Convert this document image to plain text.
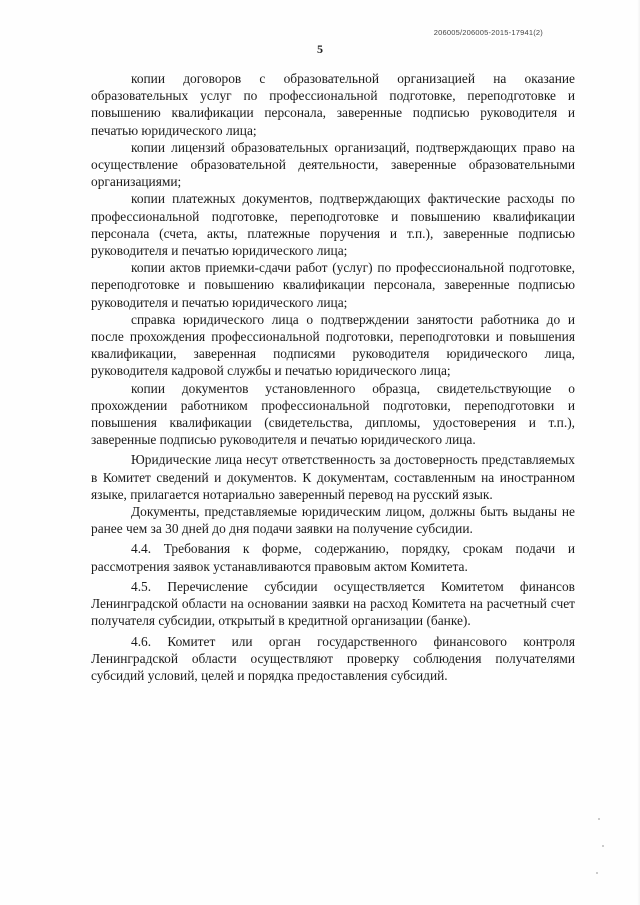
206005/206005-2015-17941(2)
5

копии договоров с образовательной организацией на оказание образовательных услуг по профессиональной подготовке, переподготовке и повышению квалификации персонала, заверенные подписью руководителя и печатью юридического лица;

копии лицензий образовательных организаций, подтверждающих право на осуществление образовательной деятельности, заверенные образовательными организациями;

копии платежных документов, подтверждающих фактические расходы по профессиональной подготовке, переподготовке и повышению квалификации персонала (счета, акты, платежные поручения и т.п.), заверенные подписью руководителя и печатью юридического лица;

копии актов приемки-сдачи работ (услуг) по профессиональной подготовке, переподготовке и повышению квалификации персонала, заверенные подписью руководителя и печатью юридического лица;

справка юридического лица о подтверждении занятости работника до и после прохождения профессиональной подготовки, переподготовки и повышения квалификации, заверенная подписями руководителя юридического лица, руководителя кадровой службы и печатью юридического лица;

копии документов установленного образца, свидетельствующие о прохождении работником профессиональной подготовки, переподготовки и повышения квалификации (свидетельства, дипломы, удостоверения и т.п.), заверенные подписью руководителя и печатью юридического лица.

Юридические лица несут ответственность за достоверность представляемых в Комитет сведений и документов. К документам, составленным на иностранном языке, прилагается нотариально заверенный перевод на русский язык.

Документы, представляемые юридическим лицом, должны быть выданы не ранее чем за 30 дней до дня подачи заявки на получение субсидии.

4.4. Требования к форме, содержанию, порядку, срокам подачи и рассмотрения заявок устанавливаются правовым актом Комитета.

4.5. Перечисление субсидии осуществляется Комитетом финансов Ленинградской области на основании заявки на расход Комитета на расчетный счет получателя субсидии, открытый в кредитной организации (банке).

4.6. Комитет или орган государственного финансового контроля Ленинградской области осуществляют проверку соблюдения получателями субсидий условий, целей и порядка предоставления субсидий.
